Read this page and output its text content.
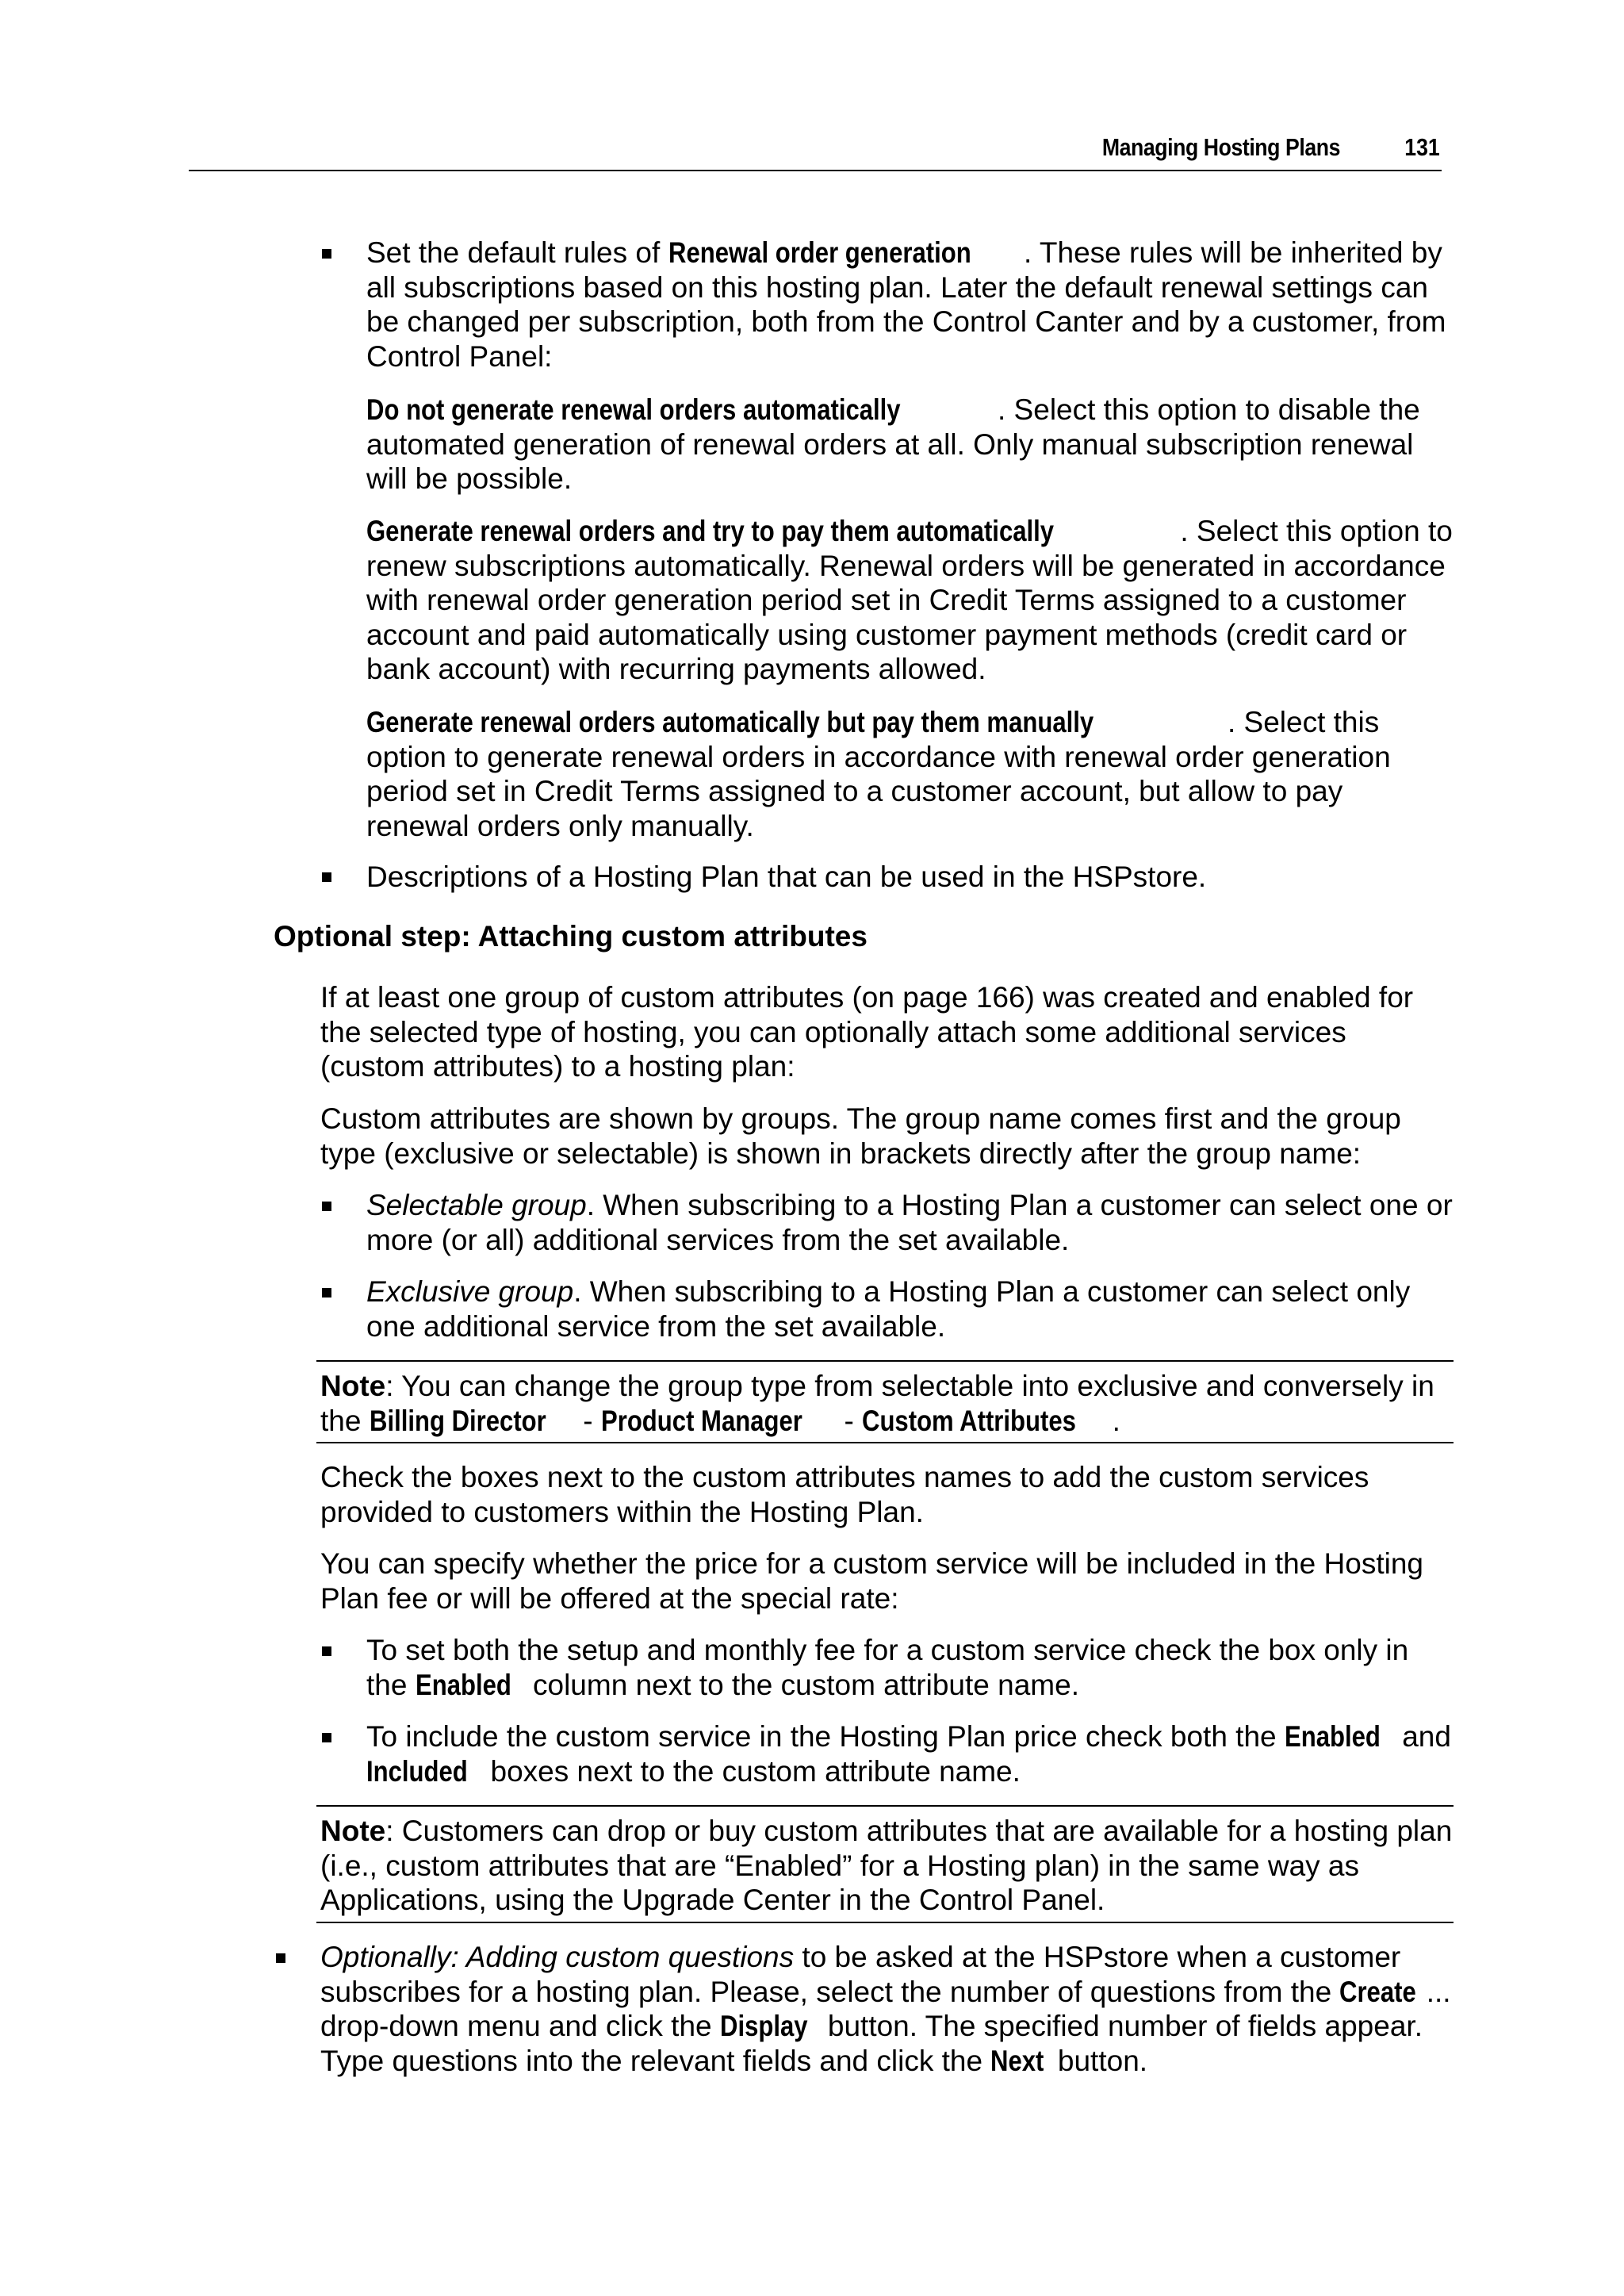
Managing Hosting Plans	131
Set the default rules of Renewal order generation . These rules will be inherited by all subscriptions based on this hosting plan. Later the default renewal settings can be changed per subscription, both from the Control Canter and by a customer, from Control Panel:
Do not generate renewal orders automatically	. Select this option to disable the automated generation of renewal orders at all. Only manual subscription renewal will be possible.
Generate renewal orders and try to pay them automatically	. Select this option to renew subscriptions automatically. Renewal orders will be generated in accordance with renewal order generation period set in Credit Terms assigned to a customer account and paid automatically using customer payment methods (credit card or bank account) with recurring payments allowed.
Generate renewal orders automatically but pay them manually	. Select this option to generate renewal orders in accordance with renewal order generation period set in Credit Terms assigned to a customer account, but allow to pay renewal orders only manually.
Descriptions of a Hosting Plan that can be used in the HSPstore.
Optional step: Attaching custom attributes
If at least one group of custom attributes (on page 166) was created and enabled for the selected type of hosting, you can optionally attach some additional services (custom attributes) to a hosting plan:
Custom attributes are shown by groups. The group name comes first and the group type (exclusive or selectable) is shown in brackets directly after the group name:
Selectable group. When subscribing to a Hosting Plan a customer can select one or more (or all) additional services from the set available.
Exclusive group. When subscribing to a Hosting Plan a customer can select only one additional service from the set available.
Note: You can change the group type from selectable into exclusive and conversely in the Billing Director - Product Manager - Custom Attributes .
Check the boxes next to the custom attributes names to add the custom services provided to customers within the Hosting Plan.
You can specify whether the price for a custom service will be included in the Hosting Plan fee or will be offered at the special rate:
To set both the setup and monthly fee for a custom service check the box only in the Enabled column next to the custom attribute name.
To include the custom service in the Hosting Plan price check both the Enabled and Included boxes next to the custom attribute name.
Note: Customers can drop or buy custom attributes that are available for a hosting plan (i.e., custom attributes that are “Enabled” for a Hosting plan) in the same way as Applications, using the Upgrade Center in the Control Panel.
Optionally: Adding custom questions to be asked at the HSPstore when a customer subscribes for a hosting plan. Please, select the number of questions from the Create ... drop-down menu and click the Display button. The specified number of fields appear. Type questions into the relevant fields and click the Next button.
